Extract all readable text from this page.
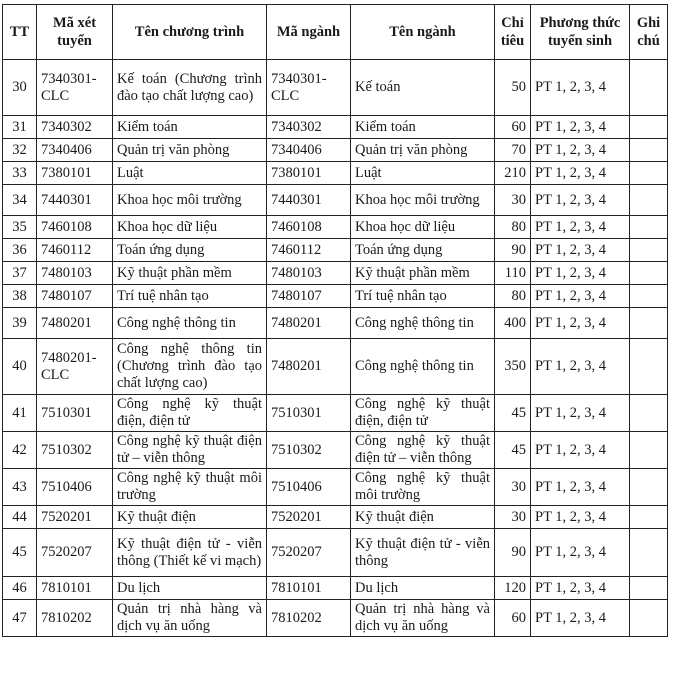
TT	Mã xét tuyển	Tên chương trình	Mã ngành	Tên ngành	Chỉ tiêu	Phương thức tuyển sinh	Ghi chú
30	7340301-CLC	Kế toán (Chương trình đào tạo chất lượng cao)	7340301-CLC	Kế toán	50	PT 1, 2, 3, 4	
31	7340302	Kiểm toán	7340302	Kiểm toán	60	PT 1, 2, 3, 4	
32	7340406	Quản trị văn phòng	7340406	Quản trị văn phòng	70	PT 1, 2, 3, 4	
33	7380101	Luật	7380101	Luật	210	PT 1, 2, 3, 4	
34	7440301	Khoa học môi trường	7440301	Khoa học môi trường	30	PT 1, 2, 3, 4	
35	7460108	Khoa học dữ liệu	7460108	Khoa học dữ liệu	80	PT 1, 2, 3, 4	
36	7460112	Toán ứng dụng	7460112	Toán ứng dụng	90	PT 1, 2, 3, 4	
37	7480103	Kỹ thuật phần mềm	7480103	Kỹ thuật phần mềm	110	PT 1, 2, 3, 4	
38	7480107	Trí tuệ nhân tạo	7480107	Trí tuệ nhân tạo	80	PT 1, 2, 3, 4	
39	7480201	Công nghệ thông tin	7480201	Công nghệ thông tin	400	PT 1, 2, 3, 4	
40	7480201-CLC	Công nghệ thông tin (Chương trình đào tạo chất lượng cao)	7480201	Công nghệ thông tin	350	PT 1, 2, 3, 4	
41	7510301	Công nghệ kỹ thuật điện, điện tử	7510301	Công nghệ kỹ thuật điện, điện tử	45	PT 1, 2, 3, 4	
42	7510302	Công nghệ kỹ thuật điện tử – viễn thông	7510302	Công nghệ kỹ thuật điện tử – viễn thông	45	PT 1, 2, 3, 4	
43	7510406	Công nghệ kỹ thuật môi trường	7510406	Công nghệ kỹ thuật môi trường	30	PT 1, 2, 3, 4	
44	7520201	Kỹ thuật điện	7520201	Kỹ thuật điện	30	PT 1, 2, 3, 4	
45	7520207	Kỹ thuật điện tử - viễn thông (Thiết kế vi mạch)	7520207	Kỹ thuật điện tử - viễn thông	90	PT 1, 2, 3, 4	
46	7810101	Du lịch	7810101	Du lịch	120	PT 1, 2, 3, 4	
47	7810202	Quản trị nhà hàng và dịch vụ ăn uống	7810202	Quản trị nhà hàng và dịch vụ ăn uống	60	PT 1, 2, 3, 4	
